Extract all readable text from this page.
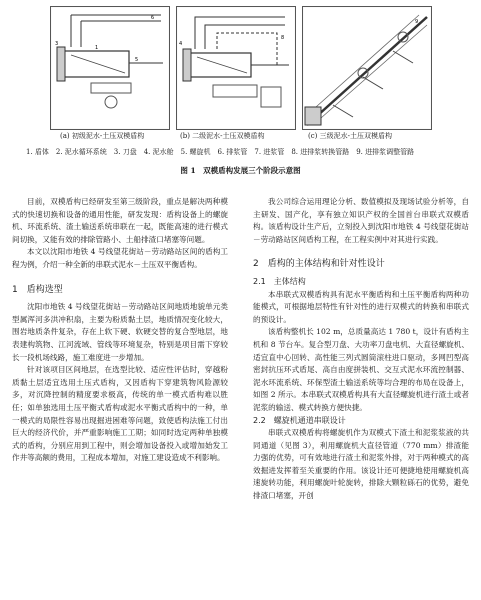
3
1
5
6
8
4
9
(a) 初级泥水-土压双模盾构	(b) 二级泥水-土压双模盾构	(c) 三级泥水-土压双模盾构
1. 盾体　2. 泥水循环系统　3. 刀盘　4. 泥水舱　5. 螺旋机　6. 排浆管　7. 进浆管　8. 进排浆转换管路　9. 进排浆调整管路
图 1　双模盾构发展三个阶段示意图

目前，双模盾构已经研发至第三级阶段，重点是解决两种模式的快速切换和设备的通用性能，研发发现：盾构设备上的螺旋机、环流系统、渣土输送系统串联在一起，既能高速的进行模式间切换，又能有效的排除管路小、土船排渣口堵塞等问题。

本文以沈阳市地铁 4 号线望花街站－劳动路站区间的盾构工程为例，介绍一种全新的串联式泥水－土压双平衡盾构。

1　盾构选型

沈阳市地铁 4 号线望花街站－劳动路站区间地质地貌单元类型属浑河多洪冲积扇，主要为粉质黏土层，地质情况变化较大，围岩地质条件复杂，存在上软下硬、软硬交替的复合型地层，地表建构筑物、江河流域、管线等环境复杂，特别是项目需下穿较长一段机场线路，施工难度进一步增加。

针对该项目区间地层，在选型比较、适应性评估时，穿越粉质黏土层适宜选用土压式盾构，又因盾构下穿建筑物风险源较多，对沉降控制的精度要求极高，传统的单一模式盾构难以胜任；如单独选用土压平衡式盾构或泥水平衡式盾构中的一种，单一模式的局限性容易出现掘进困难等问题，致使盾构法施工付出巨大的经济代价，并严重影响施工工期；如同时选定两种单独模式的盾构，分别应用到工程中，则会增加设备投入或增加始发工作井等高额的费用，工程成本增加，对施工建设造成不利影响。

我公司综合运用理论分析、数值模拟及现场试验分析等，自主研发、国产化，享有独立知识产权的全国首台串联式双模盾构。该盾构设计生产后，立刻投入到沈阳市地铁 4 号线望花街站－劳动路站区间盾构工程，在工程实例中对其进行实践。

2　盾构的主体结构和针对性设计
2.1　主体结构

本串联式双模盾构具有泥水平衡盾构和土压平衡盾构两种功能模式，可根据地层特性有针对性的进行双模式的转换和串联式的预设计。

该盾构整机长 102 m，总质量高达 1 780 t，设计有盾构主机和 8 节台车。复合型刀盘、大功率刀盘电机、大直径螺旋机、适宜直中心回转、高性能三列式圆筒滚柱进口驱动，多网凹型高密封抗压环式盾尾、高自由度拼装机、交互式泥水环流控制器、泥水环流系统、环保型渣土输送系统等均合理的布局在设备上，如图 2 所示。本串联式双模盾构具有大直径螺旋机进行渣土或者泥浆的输送、模式转换方便快捷。

2.2　螺旋机通道串联设计

串联式双模盾构将螺旋机作为双模式下渣土和泥浆浆液的共同通道（见图 3），利用螺旋机大直径管道（770 mm）排渣能力强的优势，可有效地进行渣土和泥浆外排，对于两种模式的高效掘进发挥着至关重要的作用。该设计还可便捷地使用螺旋机高速旋转功能，利用螺旋叶轮旋转，排除大颗粒砾石的优势，避免排渣口堵塞，开创
